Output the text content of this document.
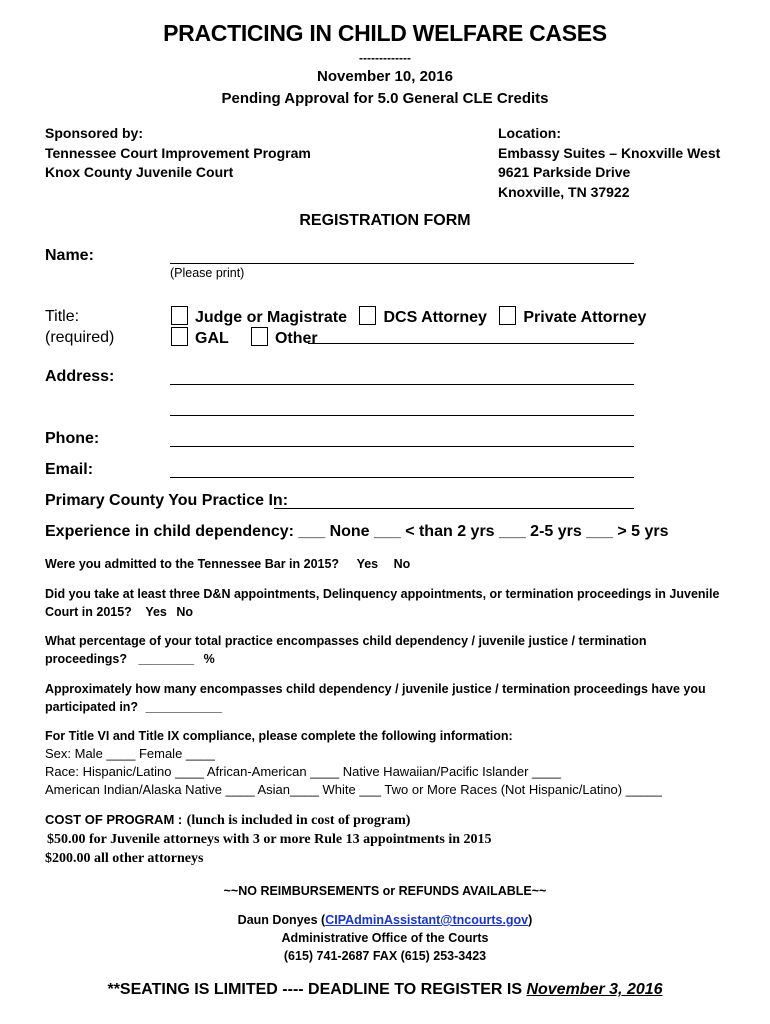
PRACTICING IN CHILD WELFARE CASES
-------------
November 10, 2016
Pending Approval for 5.0 General CLE Credits
Sponsored by:
Tennessee Court Improvement Program
Knox County Juvenile Court
Location:
Embassy Suites – Knoxville West
9621 Parkside Drive
Knoxville, TN 37922
REGISTRATION FORM
Name:
(Please print)
Title:
(required)
Judge or Magistrate DCS Attorney Private Attorney
GAL	Other
Address:
Phone:
Email:
Primary County You Practice In:
Experience in child dependency: ___ None ___ < than 2 yrs ___ 2-5 yrs ___ > 5 yrs
Were you admitted to the Tennessee Bar in 2015? Yes No
Did you take at least three D&N appointments, Delinquency appointments, or termination proceedings in Juvenile
Court in 2015? Yes No
What percentage of your total practice encompasses child dependency / juvenile justice / termination
proceedings? ________ %
Approximately how many encompasses child dependency / juvenile justice / termination proceedings have you
participated in? ___________
For Title VI and Title IX compliance, please complete the following information:
Sex: Male ____ Female ____
Race: Hispanic/Latino ____ African-American ____ Native Hawaiian/Pacific Islander ____
American Indian/Alaska Native ____ Asian____ White ___ Two or More Races (Not Hispanic/Latino) _____
COST OF PROGRAM : (lunch is included in cost of program)
$50.00 for Juvenile attorneys with 3 or more Rule 13 appointments in 2015
$200.00 all other attorneys
~~NO REIMBURSEMENTS or REFUNDS AVAILABLE~~
Daun Donyes (CIPAdminAssistant@tncourts.gov)
Administrative Office of the Courts
(615) 741-2687 FAX (615) 253-3423
**SEATING IS LIMITED ---- DEADLINE TO REGISTER IS November 3, 2016
